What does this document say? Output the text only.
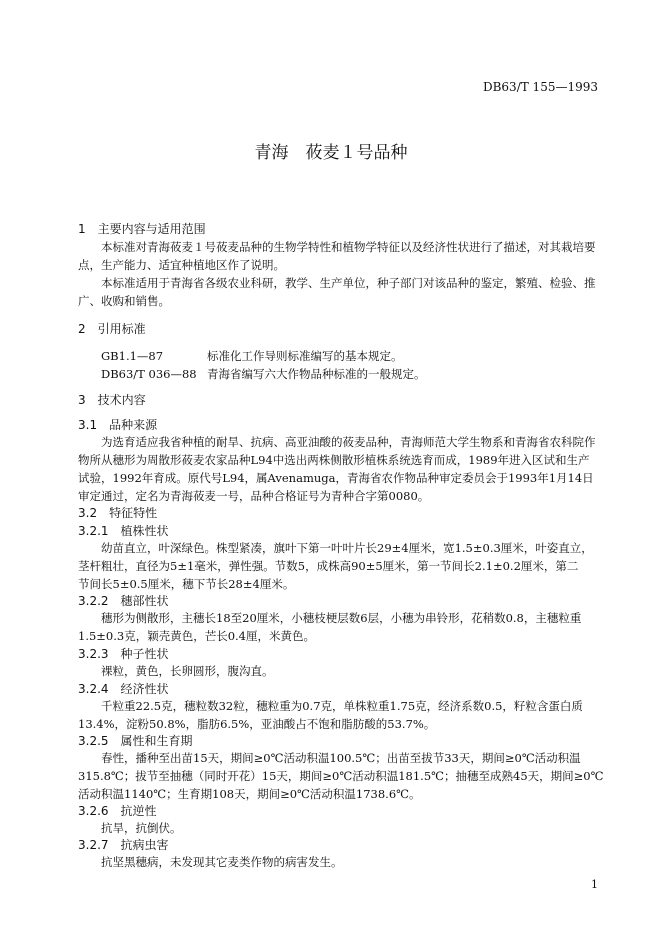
DB63/T 155—1993
青海　莜麦１号品种
1　主要内容与适用范围
本标准对青海莜麦１号莜麦品种的生物学特性和植物学特征以及经济性状进行了描述，对其栽培要
点，生产能力、适宜种植地区作了说明。
本标准适用于青海省各级农业科研，教学、生产单位，种子部门对该品种的鉴定，繁殖、检验、推
广、收购和销售。
2　引用标准
GB1.1—87	标准化工作导则标准编写的基本规定。
DB63/T 036—88 青海省编写六大作物品种标准的一般规定。
3　技术内容
3.1　品种来源
为选育适应我省种植的耐旱、抗病、高亚油酸的莜麦品种，青海师范大学生物系和青海省农科院作
物所从穗形为周散形莜麦农家品种L94中选出两株侧散形植株系统选育而成，1989年进入区试和生产
试验，1992年育成。原代号L94，属Avenamuga，青海省农作物品种审定委员会于1993年1月14日
审定通过，定名为青海莜麦一号，品种合格证号为青种合字第0080。
3.2　特征特性
3.2.1　植株性状
幼苗直立，叶深绿色。株型紧凑，旗叶下第一叶叶片长29±4厘米，宽1.5±0.3厘米，叶姿直立，
茎杆粗壮，直径为5±1毫米，弹性强。节数5，成株高90±5厘米，第一节间长2.1±0.2厘米，第二
节间长5±0.5厘米，穗下节长28±4厘米。
3.2.2　穗部性状
穗形为侧散形，主穗长18至20厘米，小穗枝梗层数6层，小穗为串铃形，花稍数0.8，主穗粒重
1.5±0.3克，颖壳黄色，芒长0.4厘，米黄色。
3.2.3　种子性状
裸粒，黄色，长卵圆形，腹沟直。
3.2.4　经济性状
千粒重22.5克，穗粒数32粒，穗粒重为0.7克，单株粒重1.75克，经济系数0.5，籽粒含蛋白质
13.4%，淀粉50.8%，脂肪6.5%，亚油酸占不饱和脂肪酸的53.7%。
3.2.5　属性和生育期
春性，播种至出苗15天，期间≥0℃活动积温100.5℃；出苗至拔节33天，期间≥0℃活动积温
315.8℃；拔节至抽穗（同时开花）15天，期间≥0℃活动积温181.5℃；抽穗至成熟45天，期间≥0℃
活动积温1140℃；生育期108天，期间≥0℃活动积温1738.6℃。
3.2.6　抗逆性
抗旱，抗倒伏。
3.2.7　抗病虫害
抗坚黑穗病，未发现其它麦类作物的病害发生。
1
